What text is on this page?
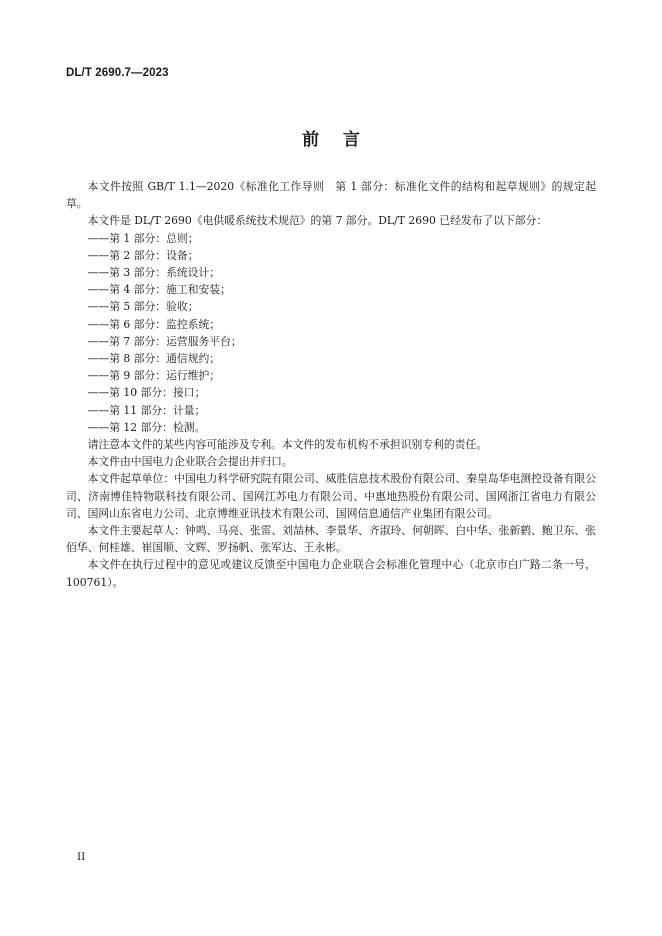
DL/T 2690.7—2023
前    言

本文件按照 GB/T 1.1—2020《标准化工作导则　第 1 部分：标准化文件的结构和起草规则》的规定起草。

本文件是 DL/T 2690《电供暖系统技术规范》的第 7 部分。DL/T 2690 已经发布了以下部分：

——第 1 部分：总则；
——第 2 部分：设备；
——第 3 部分：系统设计；
——第 4 部分：施工和安装；
——第 5 部分：验收；
——第 6 部分：监控系统；
——第 7 部分：运营服务平台；
——第 8 部分：通信规约；
——第 9 部分：运行维护；
——第 10 部分：接口；
——第 11 部分：计量；
——第 12 部分：检测。

请注意本文件的某些内容可能涉及专利。本文件的发布机构不承担识别专利的责任。

本文件由中国电力企业联合会提出并归口。

本文件起草单位：中国电力科学研究院有限公司、威胜信息技术股份有限公司、秦皇岛华电测控设备有限公司、济南博佳特物联科技有限公司、国网江苏电力有限公司、中惠地热股份有限公司、国网浙江省电力有限公司、国网山东省电力公司、北京博维亚讯技术有限公司、国网信息通信产业集团有限公司。

本文件主要起草人：钟鸣、马亮、张雷、刘喆林、李景华、齐淑玲、何朝晖、白中华、张新鹤、鲍卫东、张佰华、何桂雄、崔国顺、文辉、罗扬帆、张军达、王永彬。

本文件在执行过程中的意见或建议反馈至中国电力企业联合会标准化管理中心（北京市白广路二条一号，100761）。

II
